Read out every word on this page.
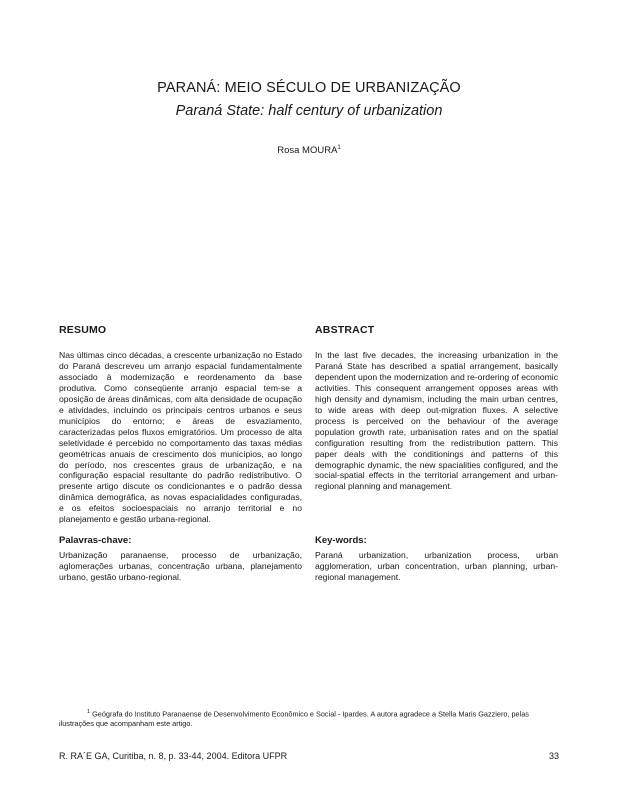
PARANÁ: MEIO SÉCULO DE URBANIZAÇÃO
Paraná State: half century of urbanization
Rosa MOURA$^1$
RESUMO
Nas últimas cinco décadas, a crescente urbanização no Estado do Paraná descreveu um arranjo espacial fundamentalmente associado à modernização e reordenamento da base produtiva. Como conseqüente arranjo espacial tem-se a oposição de áreas dinâmicas, com alta densidade de ocupação e atividades, incluindo os principais centros urbanos e seus municípios do entorno; e áreas de esvaziamento, caracterizadas pelos fluxos emigratórios. Um processo de alta seletividade é percebido no comportamento das taxas médias geométricas anuais de crescimento dos municípios, ao longo do período, nos crescentes graus de urbanização, e na configuração espacial resultante do padrão redistributivo. O presente artigo discute os condicionantes e o padrão dessa dinâmica demográfica, as novas espacialidades configuradas, e os efeitos socioespaciais no arranjo territorial e no planejamento e gestão urbana-regional.
ABSTRACT
In the last five decades, the increasing urbanization in the Paraná State has described a spatial arrangement, basically dependent upon the modernization and re-ordering of economic activities. This consequent arrangement opposes areas with high density and dynamism, including the main urban centres, to wide areas with deep out-migration fluxes. A selective process is perceived on the behaviour of the average population growth rate, urbanisation rates and on the spatial configuration resulting from the redistribution pattern. This paper deals with the conditionings and patterns of this demographic dynamic, the new spacialities configured, and the social-spatial effects in the territorial arrangement and urban-regional planning and management.
Palavras-chave:
Urbanização paranaense, processo de urbanização, aglomerações urbanas, concentração urbana, planejamento urbano, gestão urbano-regional.
Key-words:
Paraná urbanization, urbanization process, urban agglomeration, urban concentration, urban planning, urban-regional management.
$^1$ Geógrafa do Instituto Paranaense de Desenvolvimento Econômico e Social - Ipardes. A autora agradece a Stella Maris Gazziero, pelas ilustrações que acompanham este artigo.
R. RA´E GA, Curitiba, n. 8, p. 33-44, 2004. Editora UFPR	33
